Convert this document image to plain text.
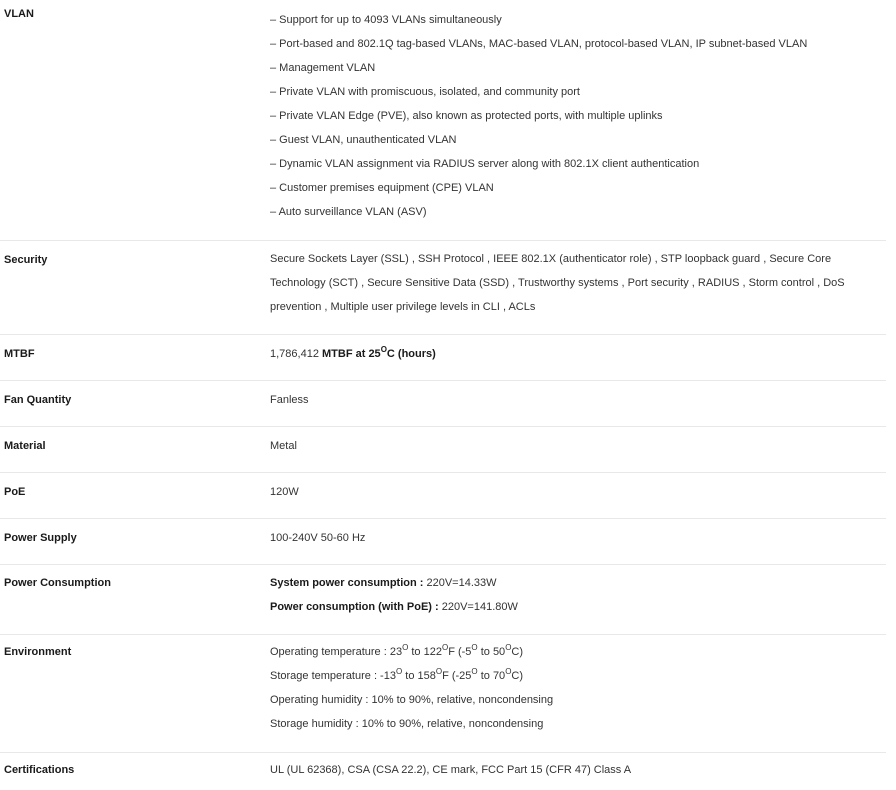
VLAN	– Support for up to 4093 VLANs simultaneously
– Port-based and 802.1Q tag-based VLANs, MAC-based VLAN, protocol-based VLAN, IP subnet-based VLAN
– Management VLAN
– Private VLAN with promiscuous, isolated, and community port
– Private VLAN Edge (PVE), also known as protected ports, with multiple uplinks
– Guest VLAN, unauthenticated VLAN
– Dynamic VLAN assignment via RADIUS server along with 802.1X client authentication
– Customer premises equipment (CPE) VLAN
– Auto surveillance VLAN (ASV)
Security	Secure Sockets Layer (SSL) , SSH Protocol , IEEE 802.1X (authenticator role) , STP loopback guard , Secure Core Technology (SCT) , Secure Sensitive Data (SSD) , Trustworthy systems , Port security , RADIUS , Storm control , DoS prevention , Multiple user privilege levels in CLI , ACLs
MTBF	1,786,412 MTBF at $25^OC$ (hours)
Fan Quantity	Fanless
Material	Metal
PoE	120W
Power Supply	100-240V 50-60 Hz
Power Consumption	System power consumption : 220V=14.33W
Power consumption (with PoE) : 220V=141.80W
Environment	Operating temperature : $23^O$ to $122^OF$ ($-5^O$ to $50^OC$)
Storage temperature : $-13^O$ to $158^OF$ ($-25^O$ to $70^OC$)
Operating humidity : 10% to 90%, relative, noncondensing
Storage humidity : 10% to 90%, relative, noncondensing
Certifications	UL (UL 62368), CSA (CSA 22.2), CE mark, FCC Part 15 (CFR 47) Class A
